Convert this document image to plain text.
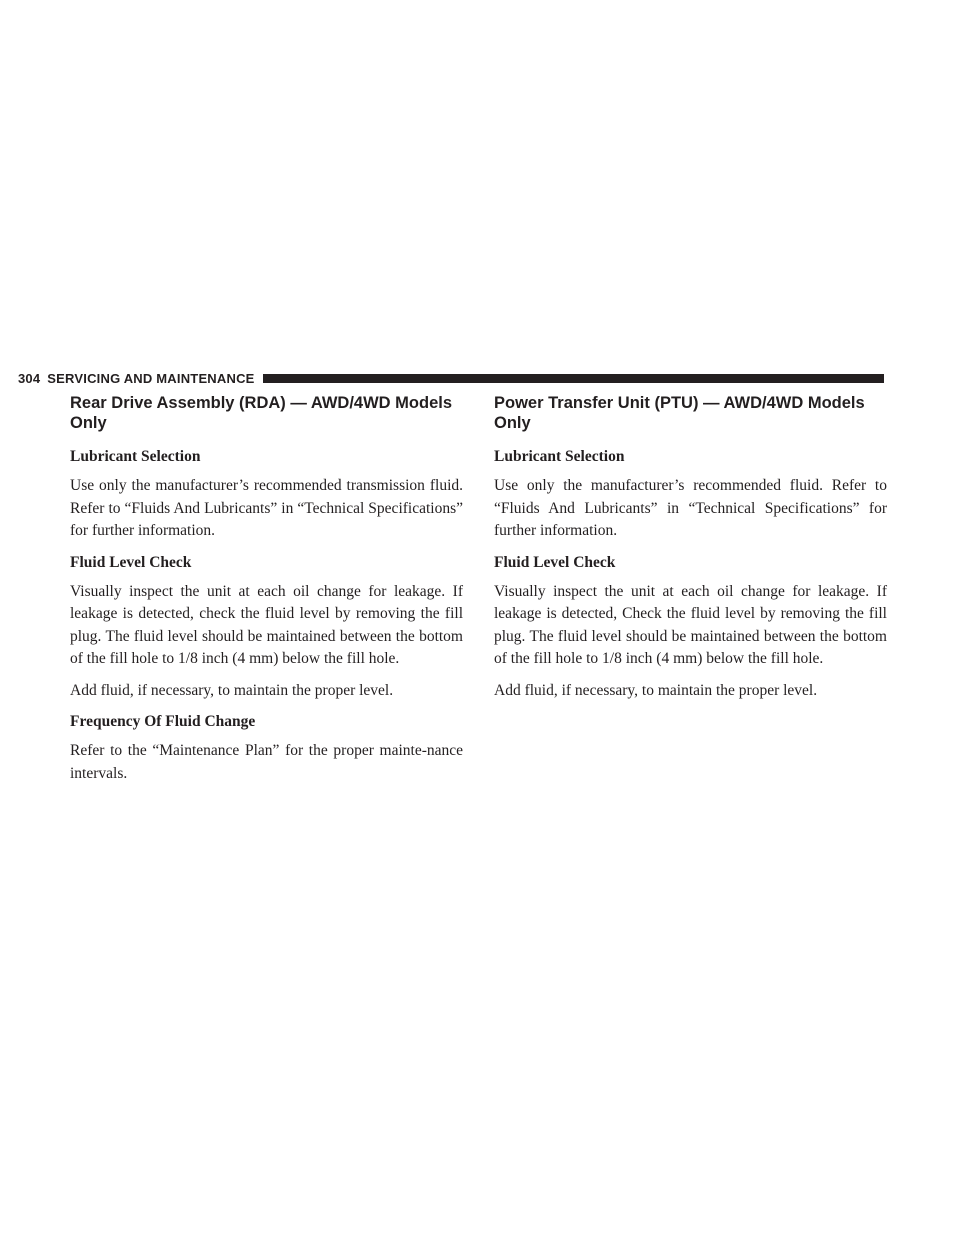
304 SERVICING AND MAINTENANCE
Rear Drive Assembly (RDA) — AWD/4WD Models Only
Lubricant Selection

Use only the manufacturer’s recommended transmission fluid. Refer to “Fluids And Lubricants” in “Technical Specifications” for further information.

Fluid Level Check

Visually inspect the unit at each oil change for leakage. If leakage is detected, check the fluid level by removing the fill plug. The fluid level should be maintained between the bottom of the fill hole to 1/8 inch (4 mm) below the fill hole.

Add fluid, if necessary, to maintain the proper level.

Frequency Of Fluid Change

Refer to the “Maintenance Plan” for the proper mainte-nance intervals.

Power Transfer Unit (PTU) — AWD/4WD Models Only
Lubricant Selection

Use only the manufacturer’s recommended fluid. Refer to “Fluids And Lubricants” in “Technical Specifications” for further information.

Fluid Level Check

Visually inspect the unit at each oil change for leakage. If leakage is detected, Check the fluid level by removing the fill plug. The fluid level should be maintained between the bottom of the fill hole to 1/8 inch (4 mm) below the fill hole.

Add fluid, if necessary, to maintain the proper level.
